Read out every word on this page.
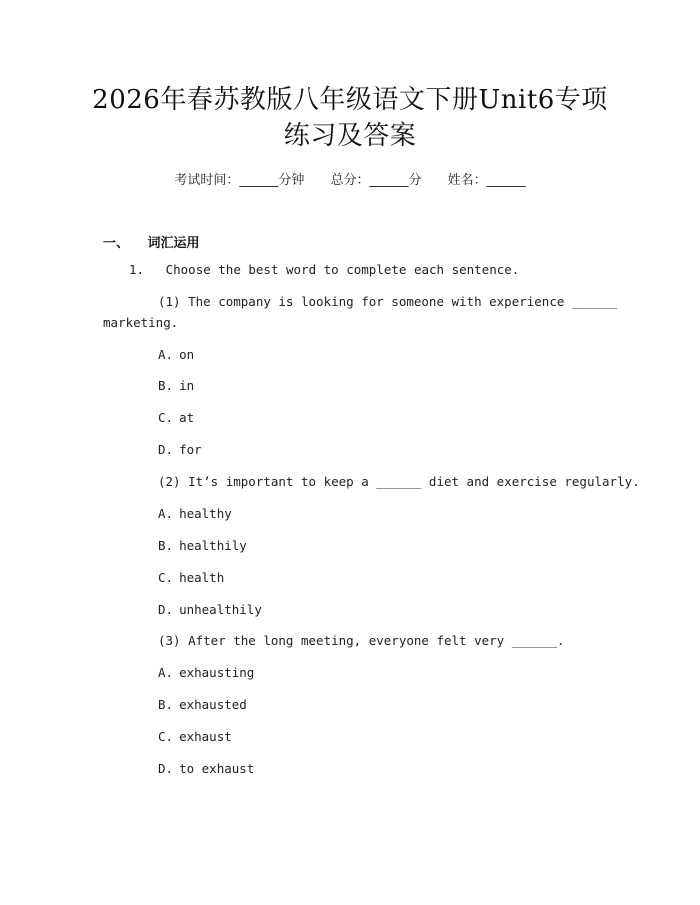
2026年春苏教版八年级语文下册Unit6专项
练习及答案
考试时间：______分钟 总分：______分 姓名：______
一、 词汇运用
1. Choose the best word to complete each sentence.
(1) The company is looking for someone with experience ______
marketing.
A. on
B. in
C. at
D. for
(2) It’s important to keep a ______ diet and exercise regularly.
A. healthy
B. healthily
C. health
D. unhealthily
(3) After the long meeting, everyone felt very ______.
A. exhausting
B. exhausted
C. exhaust
D. to exhaust
